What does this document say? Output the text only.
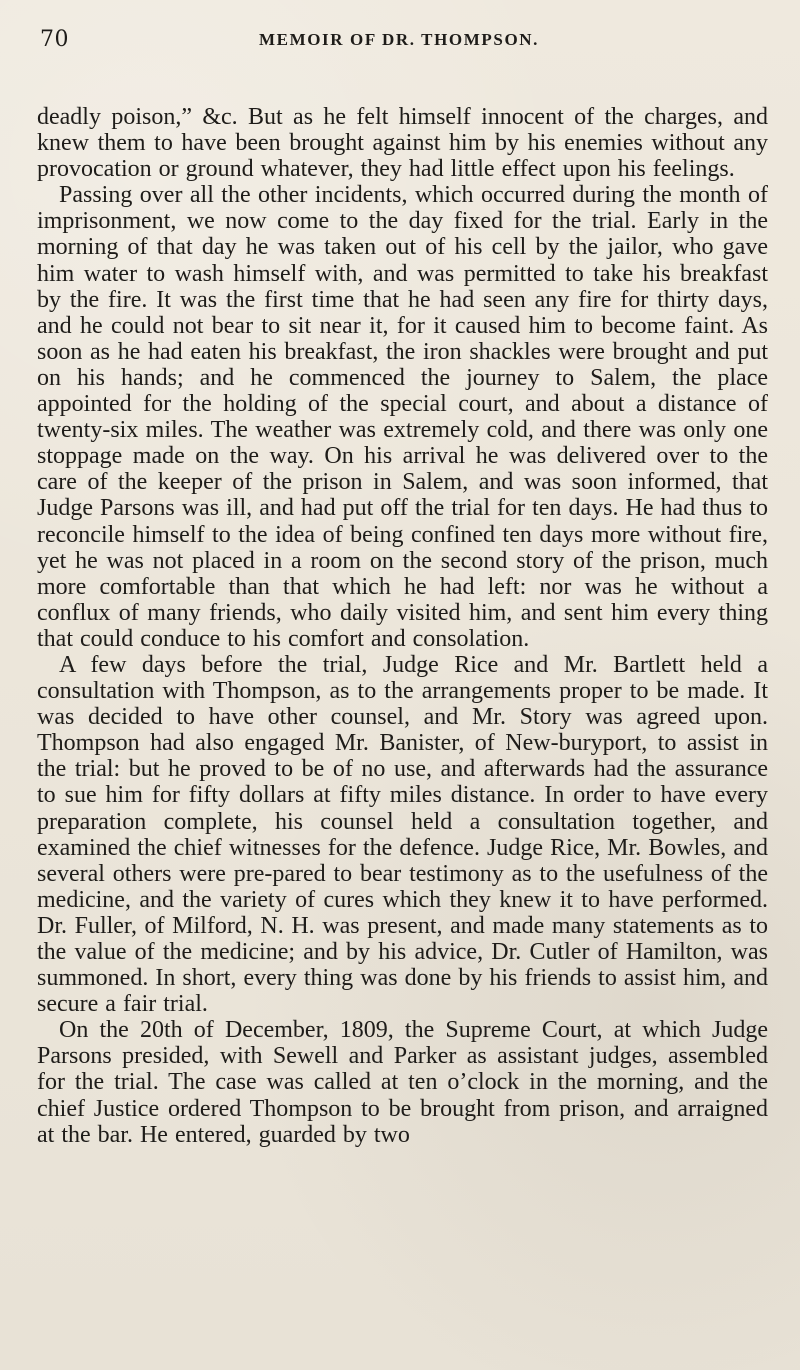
70	MEMOIR OF DR. THOMPSON.

deadly poison,” &c. But as he felt himself innocent of the charges, and knew them to have been brought against him by his enemies without any provocation or ground whatever, they had little effect upon his feelings.

Passing over all the other incidents, which occurred during the month of imprisonment, we now come to the day fixed for the trial. Early in the morning of that day he was taken out of his cell by the jailor, who gave him water to wash himself with, and was permitted to take his breakfast by the fire. It was the first time that he had seen any fire for thirty days, and he could not bear to sit near it, for it caused him to become faint. As soon as he had eaten his breakfast, the iron shackles were brought and put on his hands; and he commenced the journey to Salem, the place appointed for the holding of the special court, and about a distance of twenty-six miles. The weather was extremely cold, and there was only one stoppage made on the way. On his arrival he was delivered over to the care of the keeper of the prison in Salem, and was soon informed, that Judge Parsons was ill, and had put off the trial for ten days. He had thus to reconcile himself to the idea of being confined ten days more without fire, yet he was not placed in a room on the second story of the prison, much more comfortable than that which he had left: nor was he without a conflux of many friends, who daily visited him, and sent him every thing that could conduce to his comfort and consolation.

A few days before the trial, Judge Rice and Mr. Bartlett held a consultation with Thompson, as to the arrangements proper to be made. It was decided to have other counsel, and Mr. Story was agreed upon. Thompson had also engaged Mr. Banister, of New-buryport, to assist in the trial: but he proved to be of no use, and afterwards had the assurance to sue him for fifty dollars at fifty miles distance. In order to have every preparation complete, his counsel held a consultation together, and examined the chief witnesses for the defence. Judge Rice, Mr. Bowles, and several others were pre-pared to bear testimony as to the usefulness of the medicine, and the variety of cures which they knew it to have performed. Dr. Fuller, of Milford, N. H. was present, and made many statements as to the value of the medicine; and by his advice, Dr. Cutler of Hamilton, was summoned. In short, every thing was done by his friends to assist him, and secure a fair trial.

On the 20th of December, 1809, the Supreme Court, at which Judge Parsons presided, with Sewell and Parker as assistant judges, assembled for the trial. The case was called at ten o’clock in the morning, and the chief Justice ordered Thompson to be brought from prison, and arraigned at the bar. He entered, guarded by two
